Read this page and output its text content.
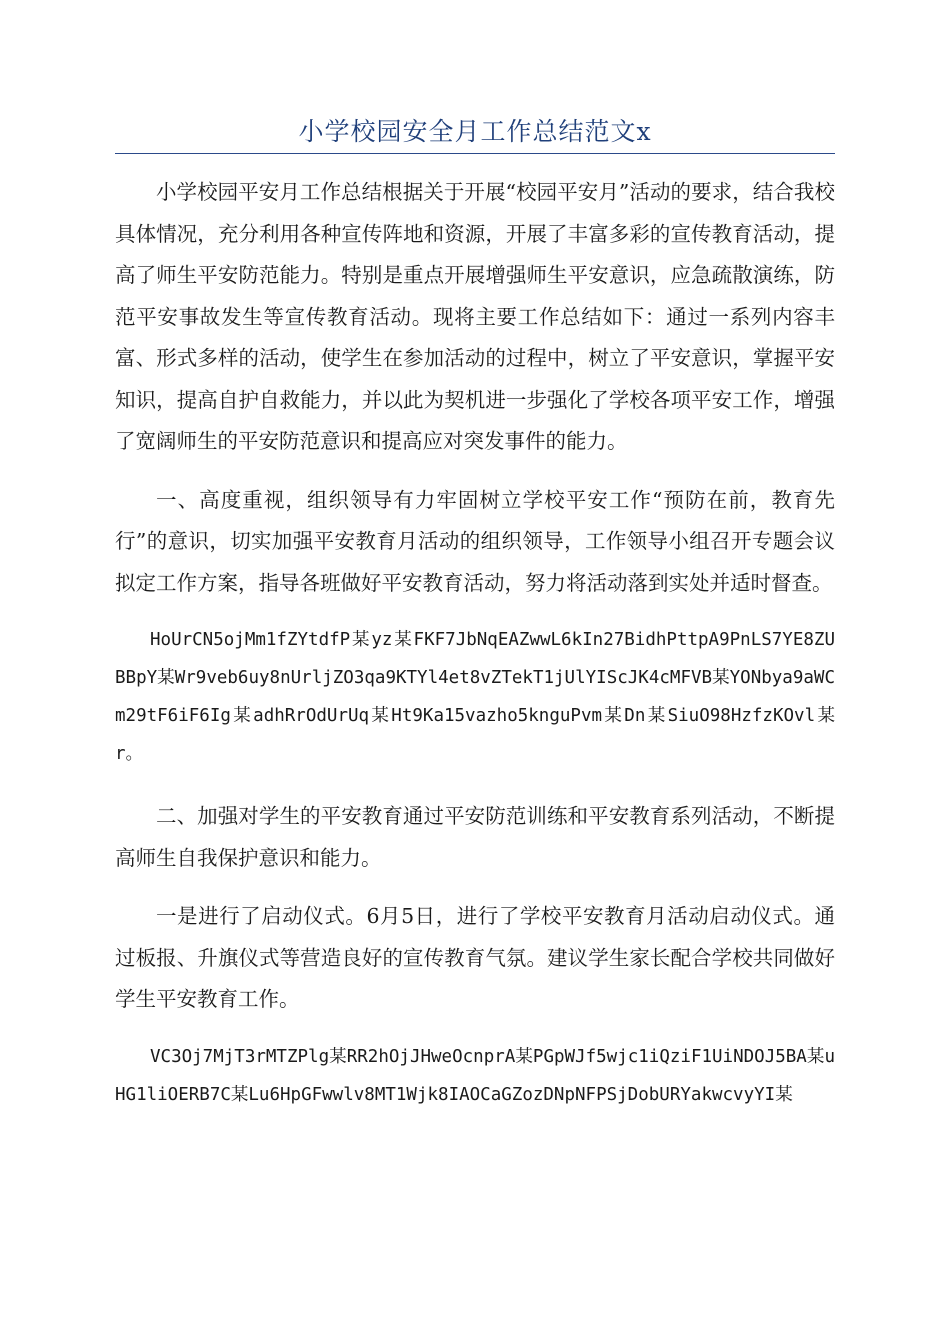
小学校园安全月工作总结范文x

小学校园平安月工作总结根据关于开展“校园平安月”活动的要求，结合我校具体情况，充分利用各种宣传阵地和资源，开展了丰富多彩的宣传教育活动，提高了师生平安防范能力。特别是重点开展增强师生平安意识，应急疏散演练，防范平安事故发生等宣传教育活动。现将主要工作总结如下：通过一系列内容丰富、形式多样的活动，使学生在参加活动的过程中，树立了平安意识，掌握平安知识，提高自护自救能力，并以此为契机进一步强化了学校各项平安工作，增强了宽阔师生的平安防范意识和提高应对突发事件的能力。

一、高度重视，组织领导有力牢固树立学校平安工作“预防在前，教育先行”的意识，切实加强平安教育月活动的组织领导，工作领导小组召开专题会议拟定工作方案，指导各班做好平安教育活动，努力将活动落到实处并适时督查。

HoUrCN5ojMm1fZYtdfP某yz某FKF7JbNqEAZwwL6kIn27BidhPttpA9PnLS7YE8ZUBBpY某Wr9veb6uy8nUrljZO3qa9KTYl4et8vZTekT1jUlYIScJK4cMFVB某YONbya9aWCm29tF6iF6Ig某adhRrOdUrUq某Ht9Ka15vazho5knguPvm某Dn某SiuO98HzfzKOvl某r。

二、加强对学生的平安教育通过平安防范训练和平安教育系列活动，不断提高师生自我保护意识和能力。

一是进行了启动仪式。6月5日，进行了学校平安教育月活动启动仪式。通过板报、升旗仪式等营造良好的宣传教育气氛。建议学生家长配合学校共同做好学生平安教育工作。

VC3Oj7MjT3rMTZPlg某RR2hOjJHweOcnprA某PGpWJf5wjc1iQziF1UiNDOJ5BA某uHG1liOERB7C某Lu6HpGFwwlv8MT1Wjk8IAOCaGZozDNpNFPSjDobURYakwcvyYI某
